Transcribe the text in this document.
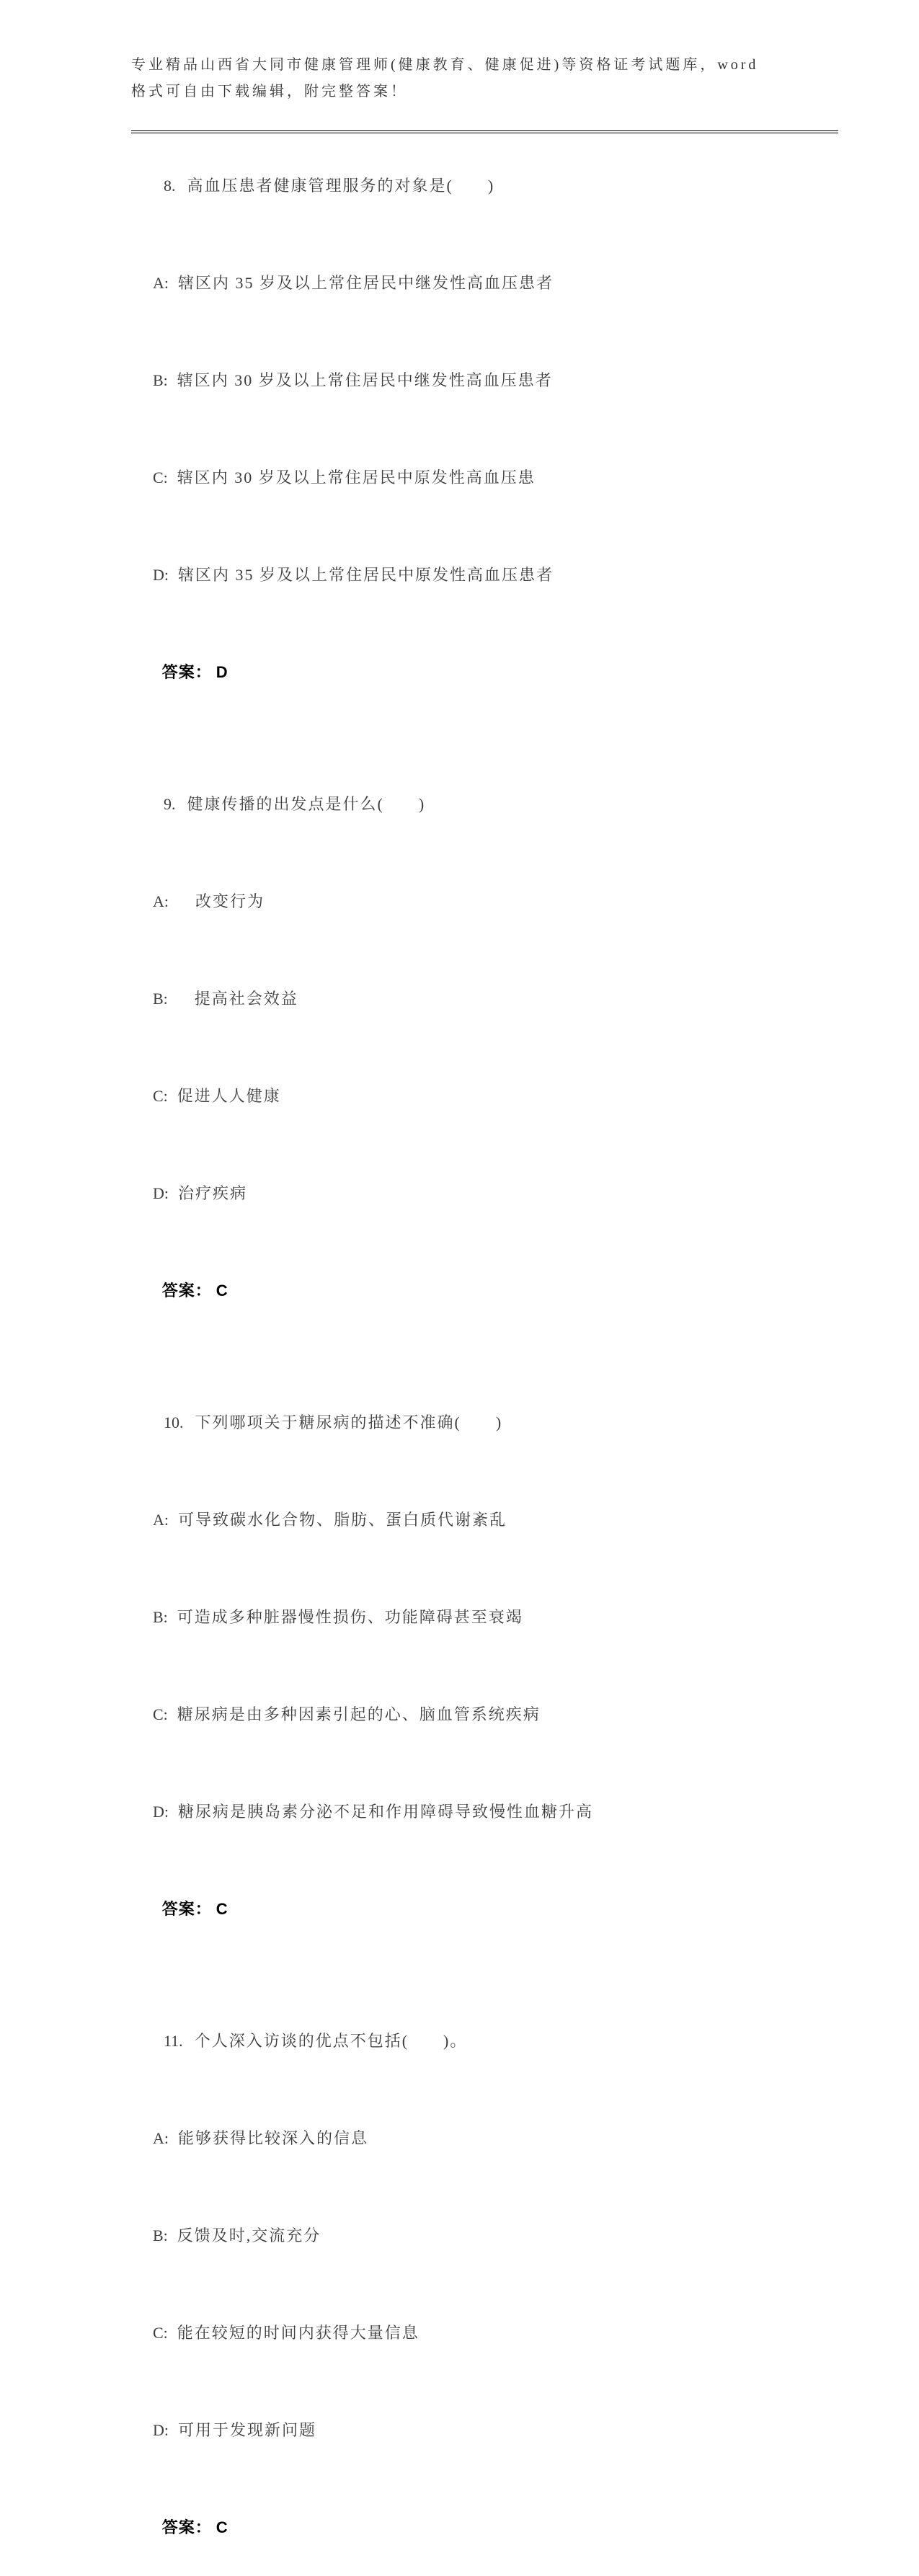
专业精品山西省大同市健康管理师(健康教育、健康促进)等资格证考试题库，word
格式可自由下载编辑，附完整答案！

8. 高血压患者健康管理服务的对象是(　　)

A: 辖区内 35 岁及以上常住居民中继发性高血压患者

B: 辖区内 30 岁及以上常住居民中继发性高血压患者

C: 辖区内 30 岁及以上常住居民中原发性高血压患

D: 辖区内 35 岁及以上常住居民中原发性高血压患者

答案： D

9. 健康传播的出发点是什么(　　)

A:　改变行为

B:　提高社会效益

C: 促进人人健康

D: 治疗疾病

答案： C

10. 下列哪项关于糖尿病的描述不准确(　　)

A: 可导致碳水化合物、脂肪、蛋白质代谢紊乱

B: 可造成多种脏器慢性损伤、功能障碍甚至衰竭

C: 糖尿病是由多种因素引起的心、脑血管系统疾病

D: 糖尿病是胰岛素分泌不足和作用障碍导致慢性血糖升高

答案： C

11. 个人深入访谈的优点不包括(　　)。

A: 能够获得比较深入的信息

B: 反馈及时,交流充分

C: 能在较短的时间内获得大量信息

D: 可用于发现新问题

答案： C
